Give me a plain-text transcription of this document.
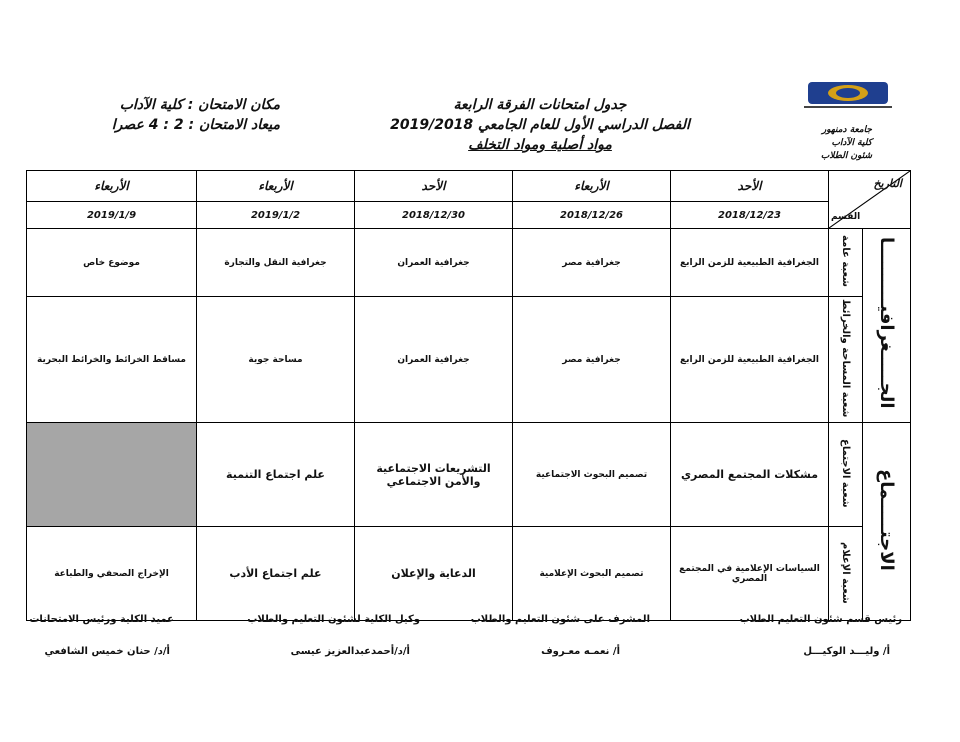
جامعة دمنهور
كلية الآداب
شئون الطلاب
جدول امتحانات الفرقة الرابعة
الفصل الدراسي الأول للعام الجامعي 2019/2018
مواد أصلية ومواد التخلف
مكان الامتحان : كلية الآداب
ميعاد الامتحان : 2 : 4 عصرا
التاريخ
القسم		الأحد	الأربعاء	الأحد	الأربعاء	الأربعاء
		2018/12/23	2018/12/26	2018/12/30	2019/1/2	2019/1/9
الجـــــغرافيــــــــــا	شعبة عامة	الجغرافية الطبيعية للزمن الرابع	جغرافية مصر	جغرافية العمران	جغرافية النقل والتجارة	موضوع خاص
	شعبة المساحة والخرائط	الجغرافية الطبيعية للزمن الرابع	جغرافية مصر	جغرافية العمران	مساحة جوية	مساقط الخرائط والخرائط البحرية
الاجتـــــماع	شعبة الاجتماع	مشكلات المجتمع المصري	تصميم البحوث الاجتماعية	التشريعات الاجتماعية والأمن الاجتماعي	علم اجتماع التنمية	
	شعبة الإعلام	السياسات الإعلامية في المجتمع المصري	تصميم البحوث الإعلامية	الدعاية والإعلان	علم اجتماع الأدب	الإخراج الصحفي والطباعة
رئيس قسم شئون التعليم الطلاب
أ/ وليـــد الوكيـــل
المشرف على شئون التعليم والطلاب
أ/ نعمـه معـروف
وكيل الكلية لشئون التعليم والطلاب
أ/د/أحمدعبدالعزيز عيسى
عميد الكلية ورئيس الامتحانات
أ/د/ حنان خميس الشافعي
